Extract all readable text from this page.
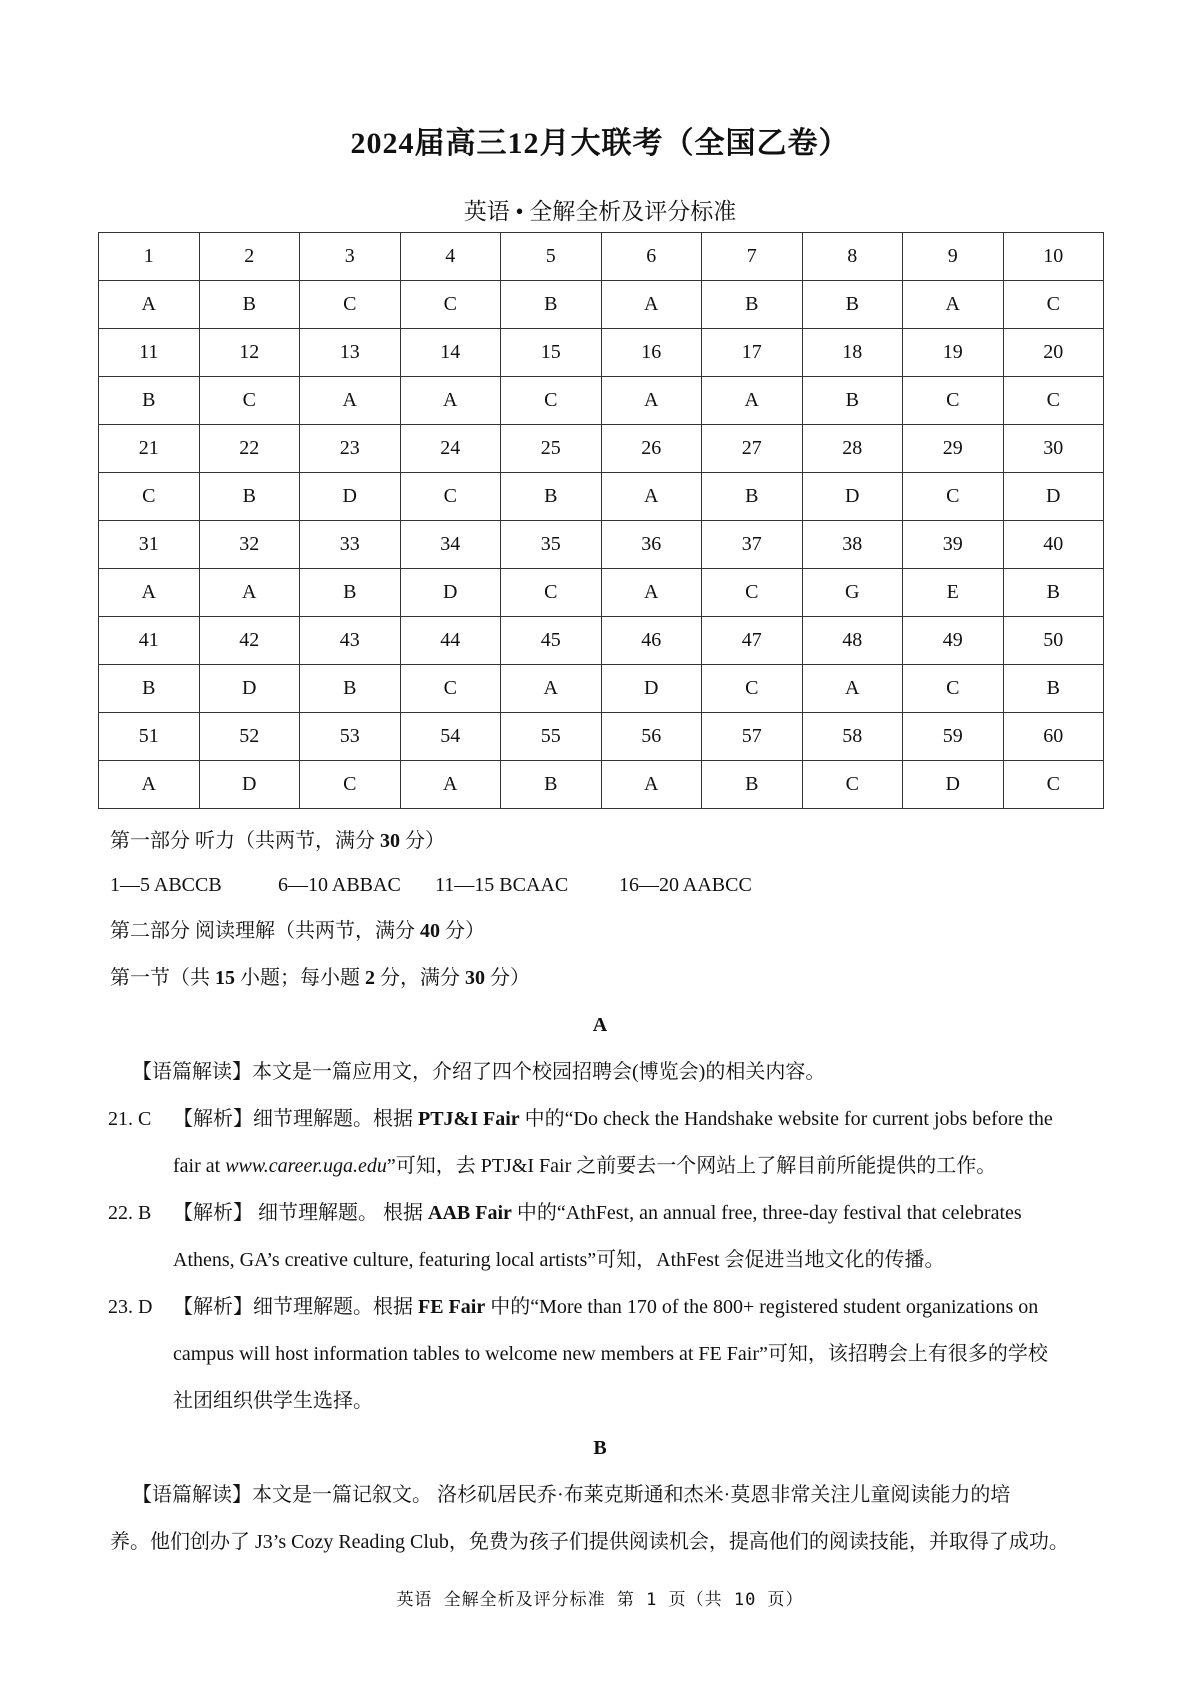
2024届高三12月大联考（全国乙卷）
英语 • 全解全析及评分标准
1	2	3	4	5	6	7	8	9	10
A	B	C	C	B	A	B	B	A	C
11	12	13	14	15	16	17	18	19	20
B	C	A	A	C	A	A	B	C	C
21	22	23	24	25	26	27	28	29	30
C	B	D	C	B	A	B	D	C	D
31	32	33	34	35	36	37	38	39	40
A	A	B	D	C	A	C	G	E	B
41	42	43	44	45	46	47	48	49	50
B	D	B	C	A	D	C	A	C	B
51	52	53	54	55	56	57	58	59	60
A	D	C	A	B	A	B	C	D	C
第一部分 听力（共两节，满分 30 分）
1—5 ABCCB	6—10 ABBAC 11—15 BCAAC	16—20 AABCC
第二部分 阅读理解（共两节，满分 40 分）
第一节（共 15 小题；每小题 2 分，满分 30 分）
A
【语篇解读】本文是一篇应用文，介绍了四个校园招聘会(博览会)的相关内容。
21. C 【解析】细节理解题。根据 PTJ&I Fair 中的“Do check the Handshake website for current jobs before the
fair at www.career.uga.edu”可知，去 PTJ&I Fair 之前要去一个网站上了解目前所能提供的工作。
22. B 【解析】 细节理解题。 根据 AAB Fair 中的“AthFest, an annual free, three-day festival that celebrates
Athens, GA’s creative culture, featuring local artists”可知，AthFest 会促进当地文化的传播。
23. D 【解析】细节理解题。根据 FE Fair 中的“More than 170 of the 800+ registered student organizations on
campus will host information tables to welcome new members at FE Fair”可知，该招聘会上有很多的学校
社团组织供学生选择。
B
【语篇解读】本文是一篇记叙文。 洛杉矶居民乔·布莱克斯通和杰米·莫恩非常关注儿童阅读能力的培
养。他们创办了 J3’s Cozy Reading Club，免费为孩子们提供阅读机会，提高他们的阅读技能，并取得了成功。
英语 全解全析及评分标准 第 1 页（共 10 页）
